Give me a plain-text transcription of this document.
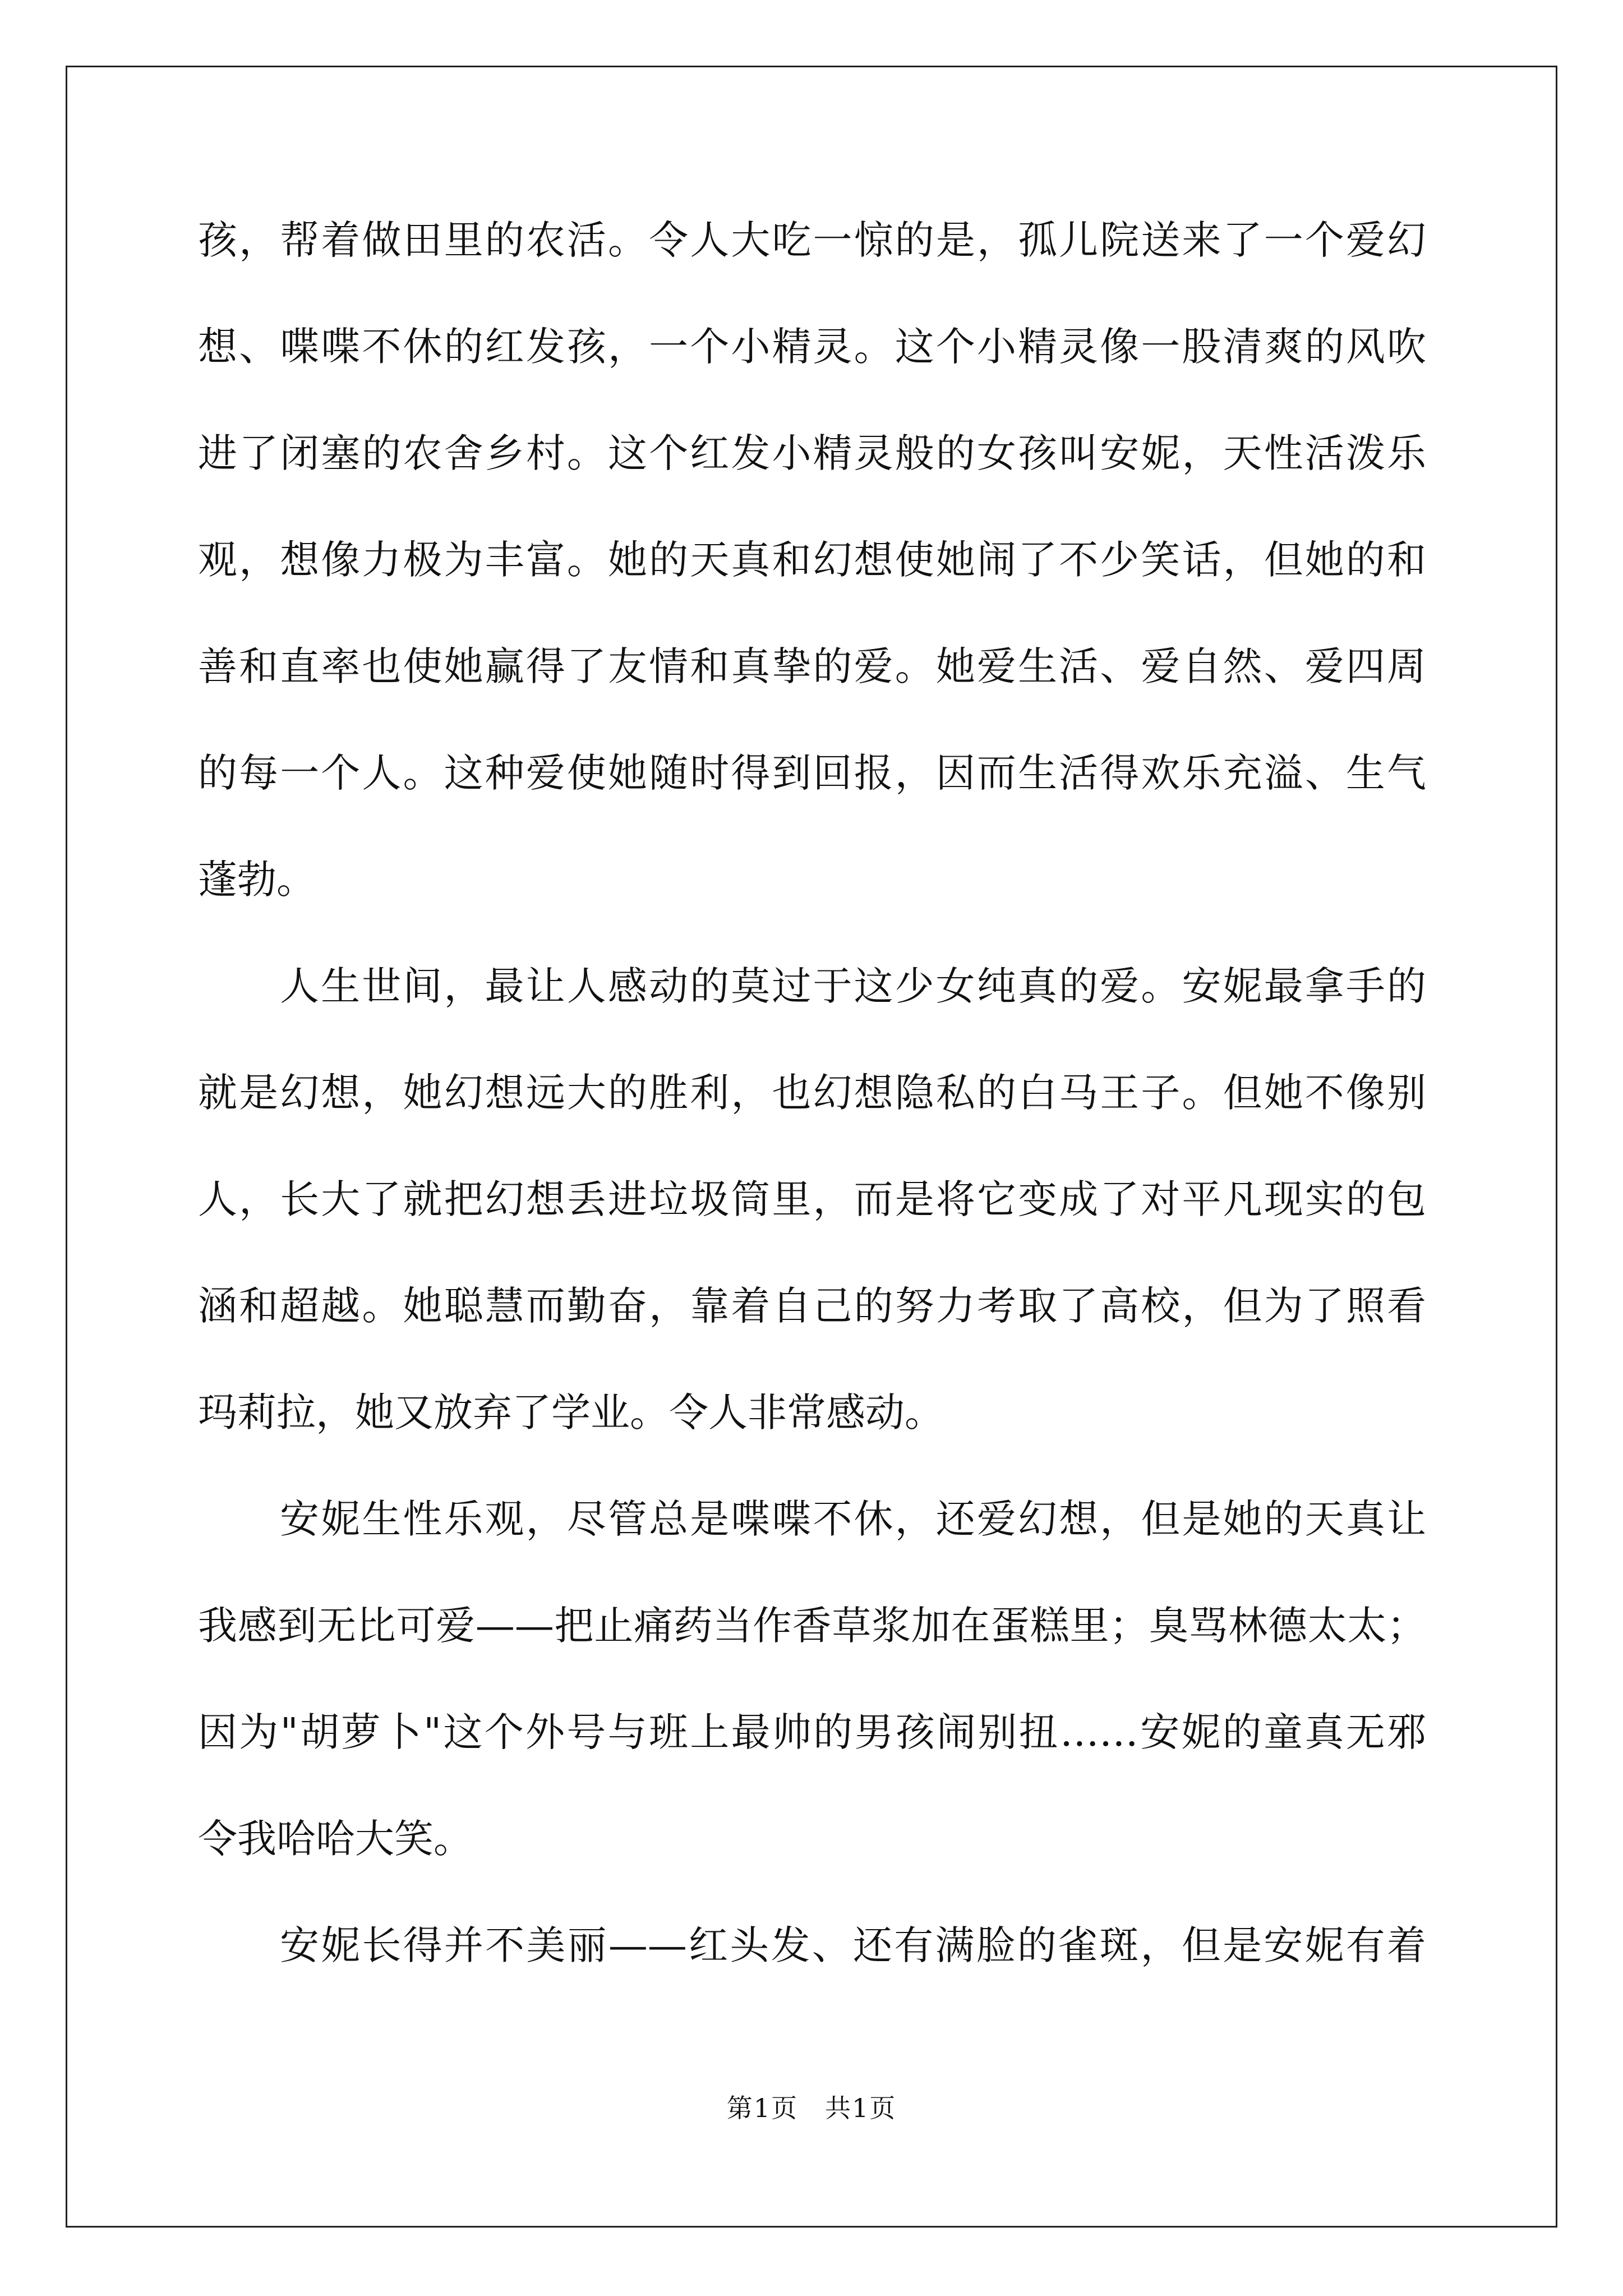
孩，帮着做田里的农活。令人大吃一惊的是，孤儿院送来了一个爱幻
想、喋喋不休的红发孩，一个小精灵。这个小精灵像一股清爽的风吹
进了闭塞的农舍乡村。这个红发小精灵般的女孩叫安妮，天性活泼乐
观，想像力极为丰富。她的天真和幻想使她闹了不少笑话，但她的和
善和直率也使她赢得了友情和真挚的爱。她爱生活、爱自然、爱四周
的每一个人。这种爱使她随时得到回报，因而生活得欢乐充溢、生气
蓬勃。
人生世间，最让人感动的莫过于这少女纯真的爱。安妮最拿手的
就是幻想，她幻想远大的胜利，也幻想隐私的白马王子。但她不像别
人，长大了就把幻想丢进垃圾筒里，而是将它变成了对平凡现实的包
涵和超越。她聪慧而勤奋，靠着自己的努力考取了高校，但为了照看
玛莉拉，她又放弃了学业。令人非常感动。
安妮生性乐观，尽管总是喋喋不休，还爱幻想，但是她的天真让
我感到无比可爱——把止痛药当作香草浆加在蛋糕里；臭骂林德太太；
因为"胡萝卜"这个外号与班上最帅的男孩闹别扭……安妮的童真无邪
令我哈哈大笑。
安妮长得并不美丽——红头发、还有满脸的雀斑，但是安妮有着
第1页　共1页
